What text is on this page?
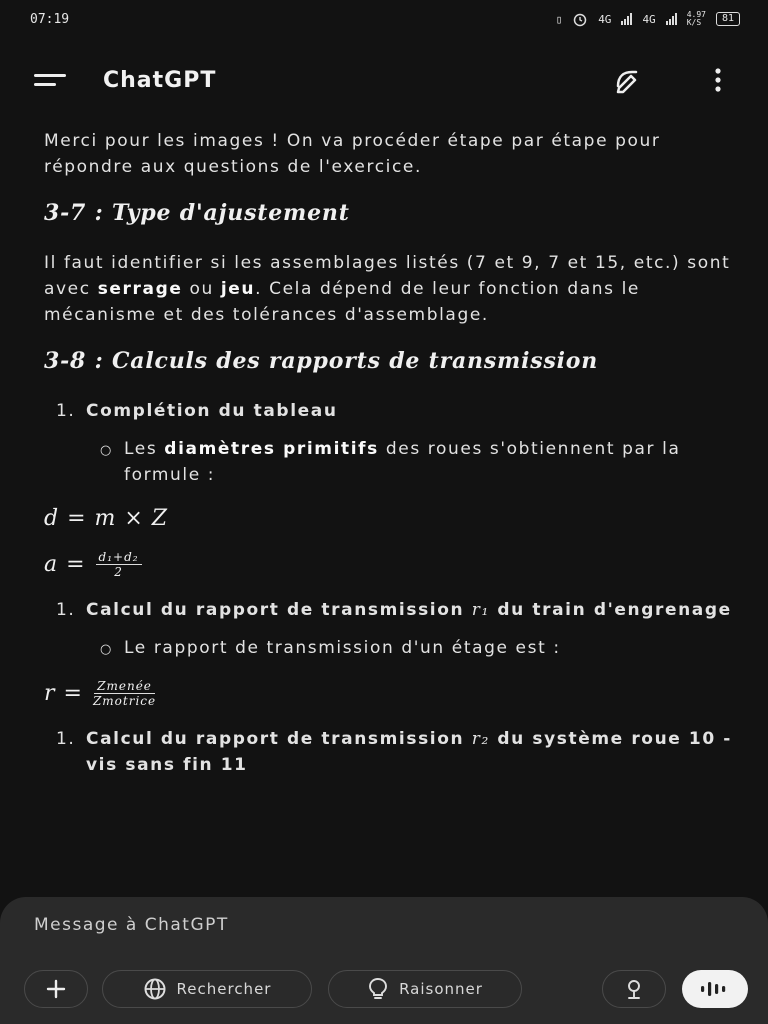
07:19	▯	4G	4G	4.97
K/S	81
ChatGPT

Merci pour les images ! On va procéder étape par étape pour répondre aux questions de l'exercice.

3-7 : Type d'ajustement

Il faut identifier si les assemblages listés (7 et 9, 7 et 15, etc.) sont avec serrage ou jeu. Cela dépend de leur fonction dans le mécanisme et des tolérances d'assemblage.

3-8 : Calculs des rapports de transmission
1. Complétion du tableau
○ Les diamètres primitifs des roues s'obtiennent par la formule :
d = m × Z
$a = \frac{\text{d₁+d₂}}{2}$
1. Calcul du rapport de transmission r₁ du train d'engrenage
○ Le rapport de transmission d'un étage est :
$r = \frac{\text{Zmenée}}{\text{Zmotrice}}$
1. Calcul du rapport de transmission r₂ du système roue 10 - vis sans fin 11
Message à ChatGPT
Rechercher	Raisonner
